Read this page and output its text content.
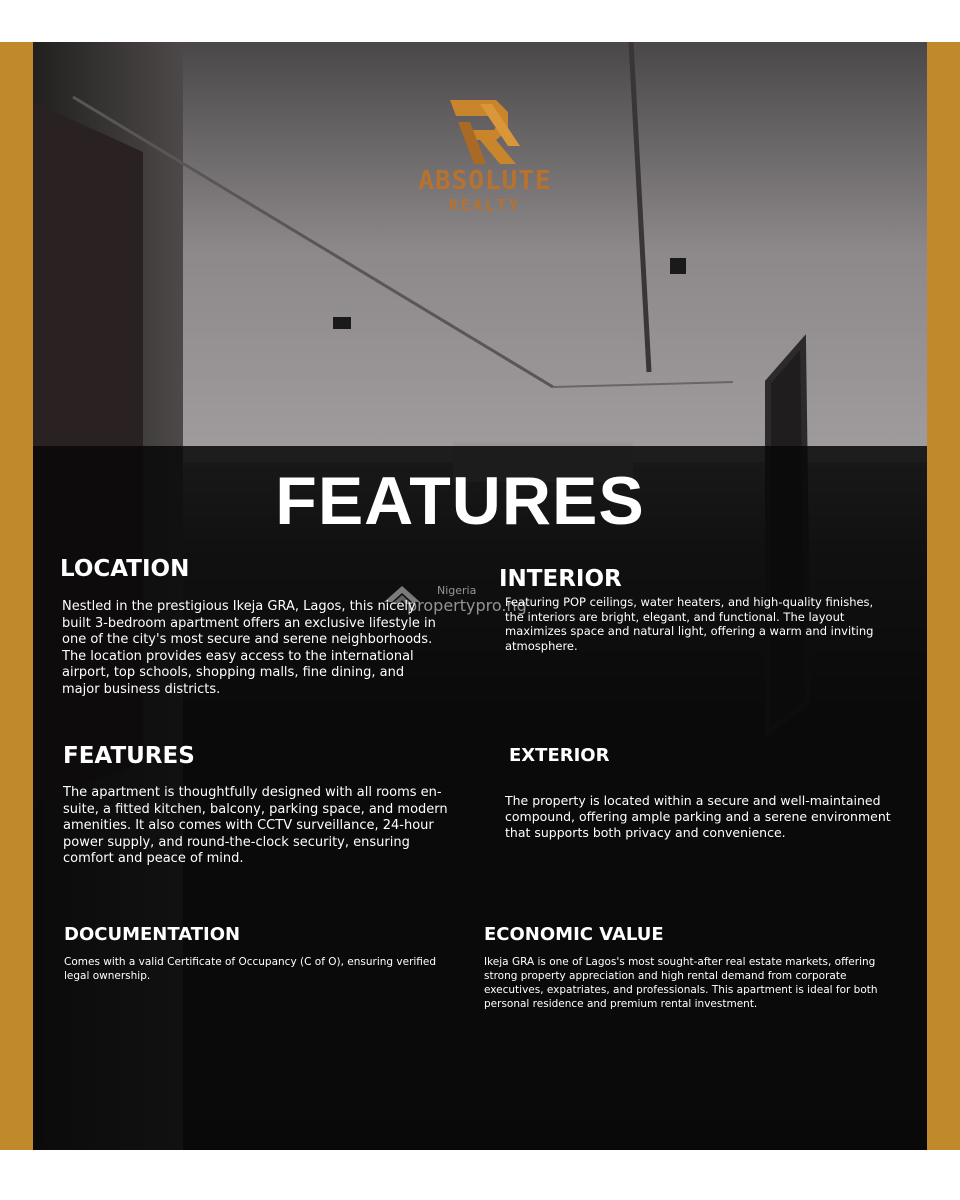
ABSOLUTE
REALTY
FEATURES
Nigeria
propertypro.ng
LOCATION

Nestled in the prestigious Ikeja GRA, Lagos, this nicely built 3-bedroom apartment offers an exclusive lifestyle in one of the city's most secure and serene neighborhoods. The location provides easy access to the international airport, top schools, shopping malls, fine dining, and major business districts.

INTERIOR

Featuring POP ceilings, water heaters, and high-quality finishes, the interiors are bright, elegant, and functional. The layout maximizes space and natural light, offering a warm and inviting atmosphere.

FEATURES

The apartment is thoughtfully designed with all rooms en-suite, a fitted kitchen, balcony, parking space, and modern amenities. It also comes with CCTV surveillance, 24-hour power supply, and round-the-clock security, ensuring comfort and peace of mind.

EXTERIOR

The property is located within a secure and well-maintained compound, offering ample parking and a serene environment that supports both privacy and convenience.

DOCUMENTATION

Comes with a valid Certificate of Occupancy (C of O), ensuring verified legal ownership.

ECONOMIC VALUE

Ikeja GRA is one of Lagos's most sought-after real estate markets, offering strong property appreciation and high rental demand from corporate executives, expatriates, and professionals. This apartment is ideal for both personal residence and premium rental investment.
